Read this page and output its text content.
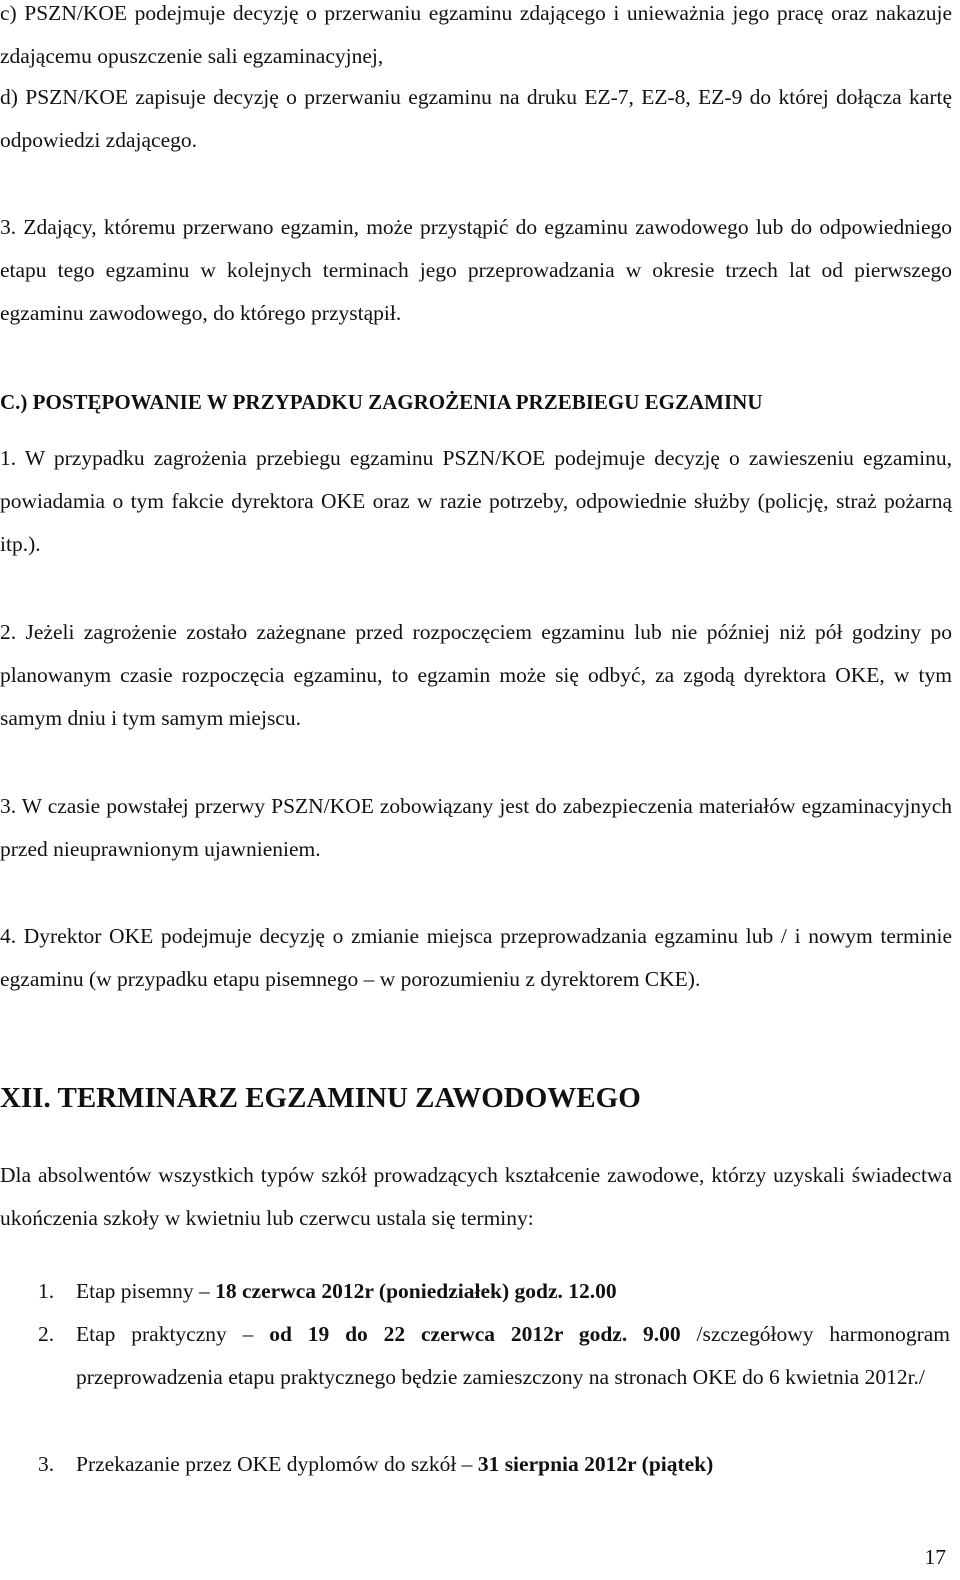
c) PSZN/KOE podejmuje decyzję o przerwaniu egzaminu zdającego i unieważnia jego pracę oraz nakazuje zdającemu opuszczenie sali egzaminacyjnej,

d) PSZN/KOE zapisuje decyzję o przerwaniu egzaminu na druku EZ-7, EZ-8, EZ-9 do której dołącza kartę odpowiedzi zdającego.

3. Zdający, któremu przerwano egzamin, może przystąpić do egzaminu zawodowego lub do odpowiedniego etapu tego egzaminu w kolejnych terminach jego przeprowadzania w okresie trzech lat od pierwszego egzaminu zawodowego, do którego przystąpił.

C.) POSTĘPOWANIE W PRZYPADKU ZAGROŻENIA PRZEBIEGU EGZAMINU

1. W przypadku zagrożenia przebiegu egzaminu PSZN/KOE podejmuje decyzję o zawieszeniu egzaminu, powiadamia o tym fakcie dyrektora OKE oraz w razie potrzeby, odpowiednie służby (policję, straż pożarną itp.).

2. Jeżeli zagrożenie zostało zażegnane przed rozpoczęciem egzaminu lub nie później niż pół godziny po planowanym czasie rozpoczęcia egzaminu, to egzamin może się odbyć, za zgodą dyrektora OKE, w tym samym dniu i tym samym miejscu.

3. W czasie powstałej przerwy PSZN/KOE zobowiązany jest do zabezpieczenia materiałów egzaminacyjnych przed nieuprawnionym ujawnieniem.

4. Dyrektor OKE podejmuje decyzję o zmianie miejsca przeprowadzania egzaminu lub / i nowym terminie egzaminu (w przypadku etapu pisemnego – w porozumieniu z dyrektorem CKE).

XII. TERMINARZ EGZAMINU ZAWODOWEGO

Dla absolwentów wszystkich typów szkół prowadzących kształcenie zawodowe, którzy uzyskali świadectwa ukończenia szkoły w kwietniu lub czerwcu ustala się terminy:

1.	Etap pisemny – 18 czerwca 2012r (poniedziałek) godz. 12.00
2.	Etap praktyczny – od 19 do 22 czerwca 2012r godz. 9.00 /szczegółowy harmonogram przeprowadzenia etapu praktycznego będzie zamieszczony na stronach OKE do 6 kwietnia 2012r./
3.	Przekazanie przez OKE dyplomów do szkół – 31 sierpnia 2012r (piątek)
17
